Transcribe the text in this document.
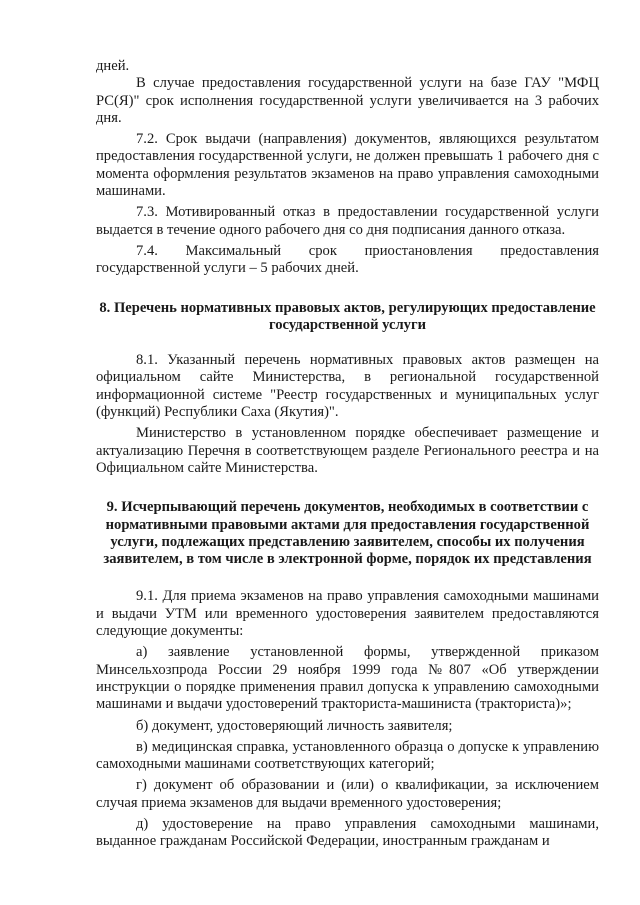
дней.

В случае предоставления государственной услуги на базе ГАУ "МФЦ РС(Я)" срок исполнения государственной услуги увеличивается на 3 рабочих дня.

7.2. Срок выдачи (направления) документов, являющихся результатом предоставления государственной услуги, не должен превышать 1 рабочего дня с момента оформления результатов экзаменов на право управления самоходными машинами.

7.3. Мотивированный отказ в предоставлении государственной услуги выдается в течение одного рабочего дня со дня подписания данного отказа.

7.4. Максимальный срок приостановления предоставления государственной услуги – 5 рабочих дней.

8. Перечень нормативных правовых актов, регулирующих предоставление государственной услуги

8.1. Указанный перечень нормативных правовых актов размещен на официальном сайте Министерства, в региональной государственной информационной системе "Реестр государственных и муниципальных услуг (функций) Республики Саха (Якутия)".

Министерство в установленном порядке обеспечивает размещение и актуализацию Перечня в соответствующем разделе Регионального реестра и на Официальном сайте Министерства.

9. Исчерпывающий перечень документов, необходимых в соответствии с нормативными правовыми актами для предоставления государственной услуги, подлежащих представлению заявителем, способы их получения заявителем, в том числе в электронной форме, порядок их представления

9.1. Для приема экзаменов на право управления самоходными машинами и выдачи УТМ или временного удостоверения заявителем предоставляются следующие документы:

а) заявление установленной формы, утвержденной приказом Минсельхозпрода России 29 ноября 1999 года №807 «Об утверждении инструкции о порядке применения правил допуска к управлению самоходными машинами и выдачи удостоверений тракториста-машиниста (тракториста)»;

б) документ, удостоверяющий личность заявителя;

в) медицинская справка, установленного образца о допуске к управлению самоходными машинами соответствующих категорий;

г) документ об образовании и (или) о квалификации, за исключением случая приема экзаменов для выдачи временного удостоверения;

д) удостоверение на право управления самоходными машинами, выданное гражданам Российской Федерации, иностранным гражданам и
